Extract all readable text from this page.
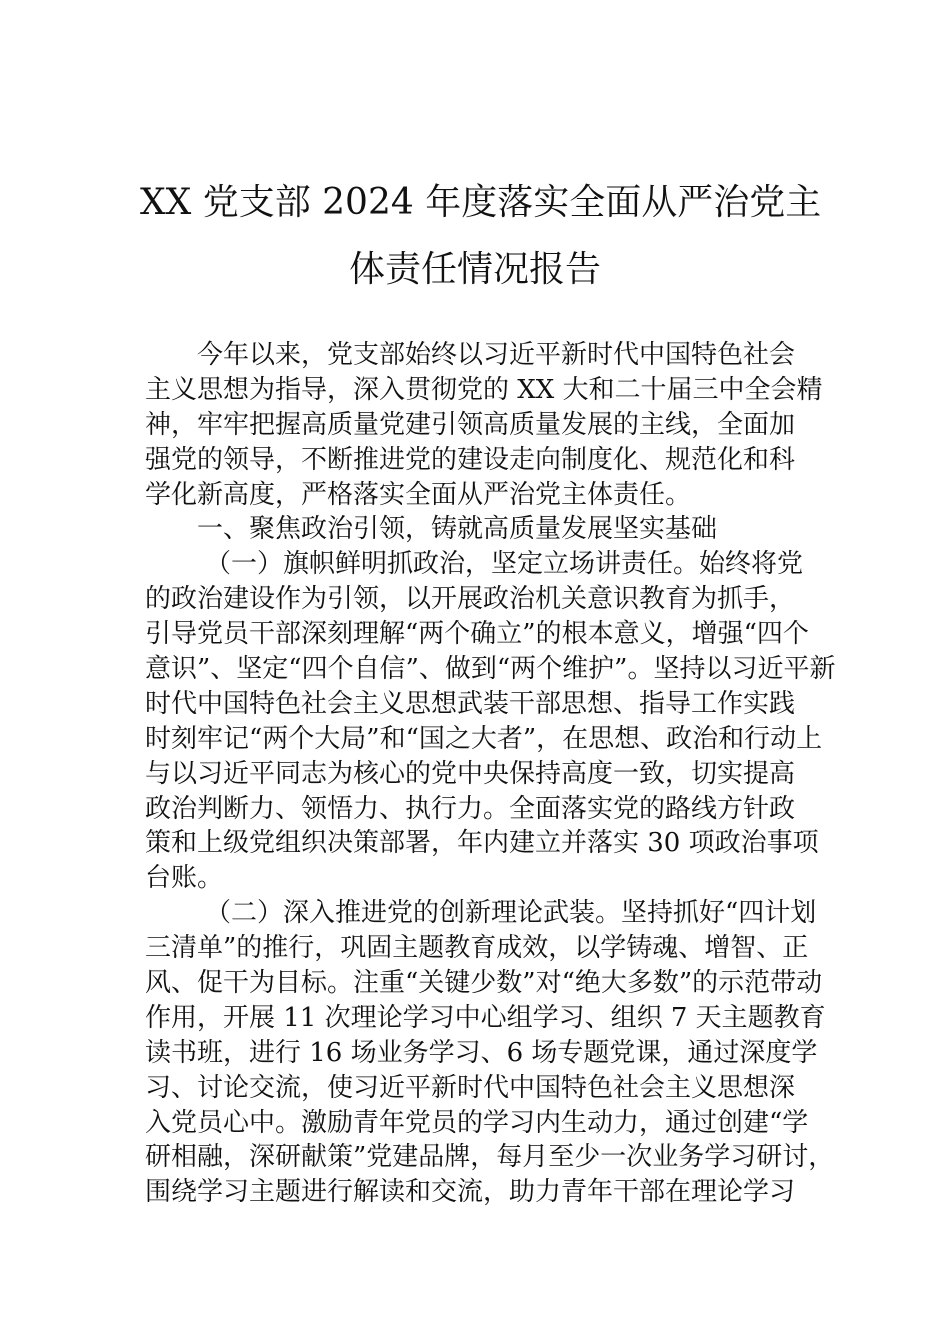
XX 党支部 2024 年度落实全面从严治党主
体责任情况报告
今年以来，党支部始终以习近平新时代中国特色社会
主义思想为指导，深入贯彻党的 XX 大和二十届三中全会精
神，牢牢把握高质量党建引领高质量发展的主线，全面加
强党的领导，不断推进党的建设走向制度化、规范化和科
学化新高度，严格落实全面从严治党主体责任。
一、聚焦政治引领，铸就高质量发展坚实基础
（一）旗帜鲜明抓政治，坚定立场讲责任。始终将党
的政治建设作为引领，以开展政治机关意识教育为抓手，
引导党员干部深刻理解“两个确立”的根本意义，增强“四个
意识”、坚定“四个自信”、做到“两个维护”。坚持以习近平新
时代中国特色社会主义思想武装干部思想、指导工作实践
时刻牢记“两个大局”和“国之大者”，在思想、政治和行动上
与以习近平同志为核心的党中央保持高度一致，切实提高
政治判断力、领悟力、执行力。全面落实党的路线方针政
策和上级党组织决策部署，年内建立并落实 30 项政治事项
台账。
（二）深入推进党的创新理论武装。坚持抓好“四计划
三清单”的推行，巩固主题教育成效，以学铸魂、增智、正
风、促干为目标。注重“关键少数”对“绝大多数”的示范带动
作用，开展 11 次理论学习中心组学习、组织 7 天主题教育
读书班，进行 16 场业务学习、6 场专题党课，通过深度学
习、讨论交流，使习近平新时代中国特色社会主义思想深
入党员心中。激励青年党员的学习内生动力，通过创建“学
研相融，深研献策”党建品牌，每月至少一次业务学习研讨，
围绕学习主题进行解读和交流，助力青年干部在理论学习
